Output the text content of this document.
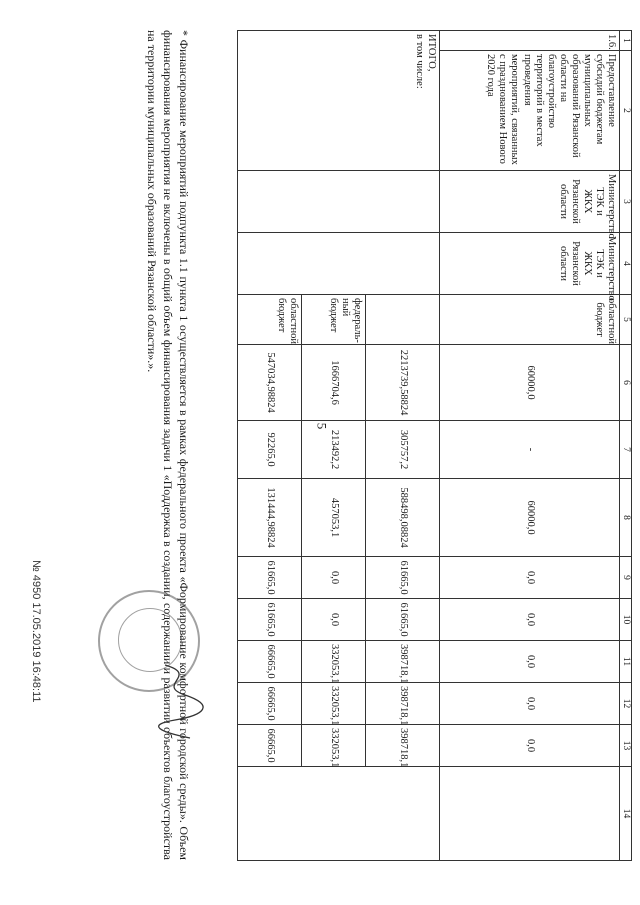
5
1	2	3	4	5	6	7	8	9	10	11	12	13	14
1.6.	Предоставление субсидий бюджетам муниципальных образований Рязанской области на благоустройство территорий в местах проведения мероприятий, связанных с празднованием Нового 2020 года	Министерство ТЭК и ЖКХ Рязанской области	Министерство ТЭК и ЖКХ Рязанской области	областной бюджет	60000,0	-	60000,0	0,0	0,0	0,0	0,0	0,0	

ИТОГО,
в том числе:					2213739,58824	305757,2	588498,08824	61665,0	61665,0	398718,1	398718,1	398718,1	
				федераль- ный бюджет	1666704,6	213492,2	457053,1	0,0	0,0	332053,1	332053,1	332053,1	
				областной бюджет	547034,98824	92265,0	131444,98824	61665,0	61665,0	66665,0	66665,0	66665,0	
* Финансирование мероприятий подпункта 1.1 пункта 1 осуществляется в рамках федерального проекта «Формирование комфортной городской среды». Объем финансирования мероприятия не включены в общий объем финансирования задачи 1 «Поддержка в создании, содержании и развитии объектов благоустройства на территории муниципальных образований Рязанской области».».
№ 4950 17.05.2019 16:48:11
